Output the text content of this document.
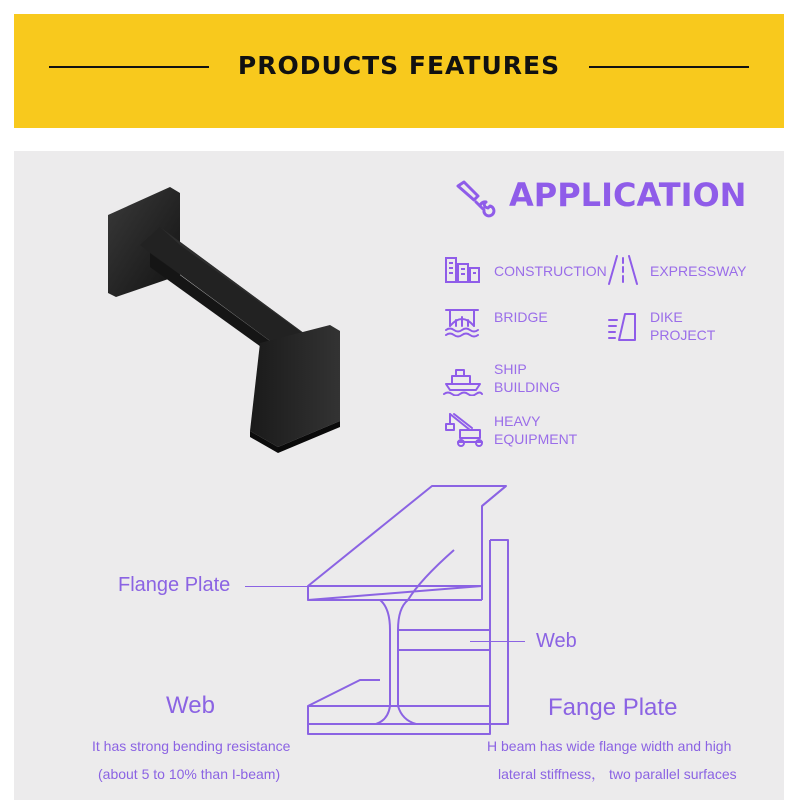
PRODUCTS FEATURES
APPLICATION
CONSTRUCTION	EXPRESSWAY
BRIDGE	DIKE
PROJECT
SHIP
BUILDING
HEAVY
EQUIPMENT
Flange Plate
Web
Web
It has strong bending resistance
(about 5 to 10% than I-beam)
Fange Plate
H beam has wide flange width and high
lateral stiffness， two parallel surfaces
